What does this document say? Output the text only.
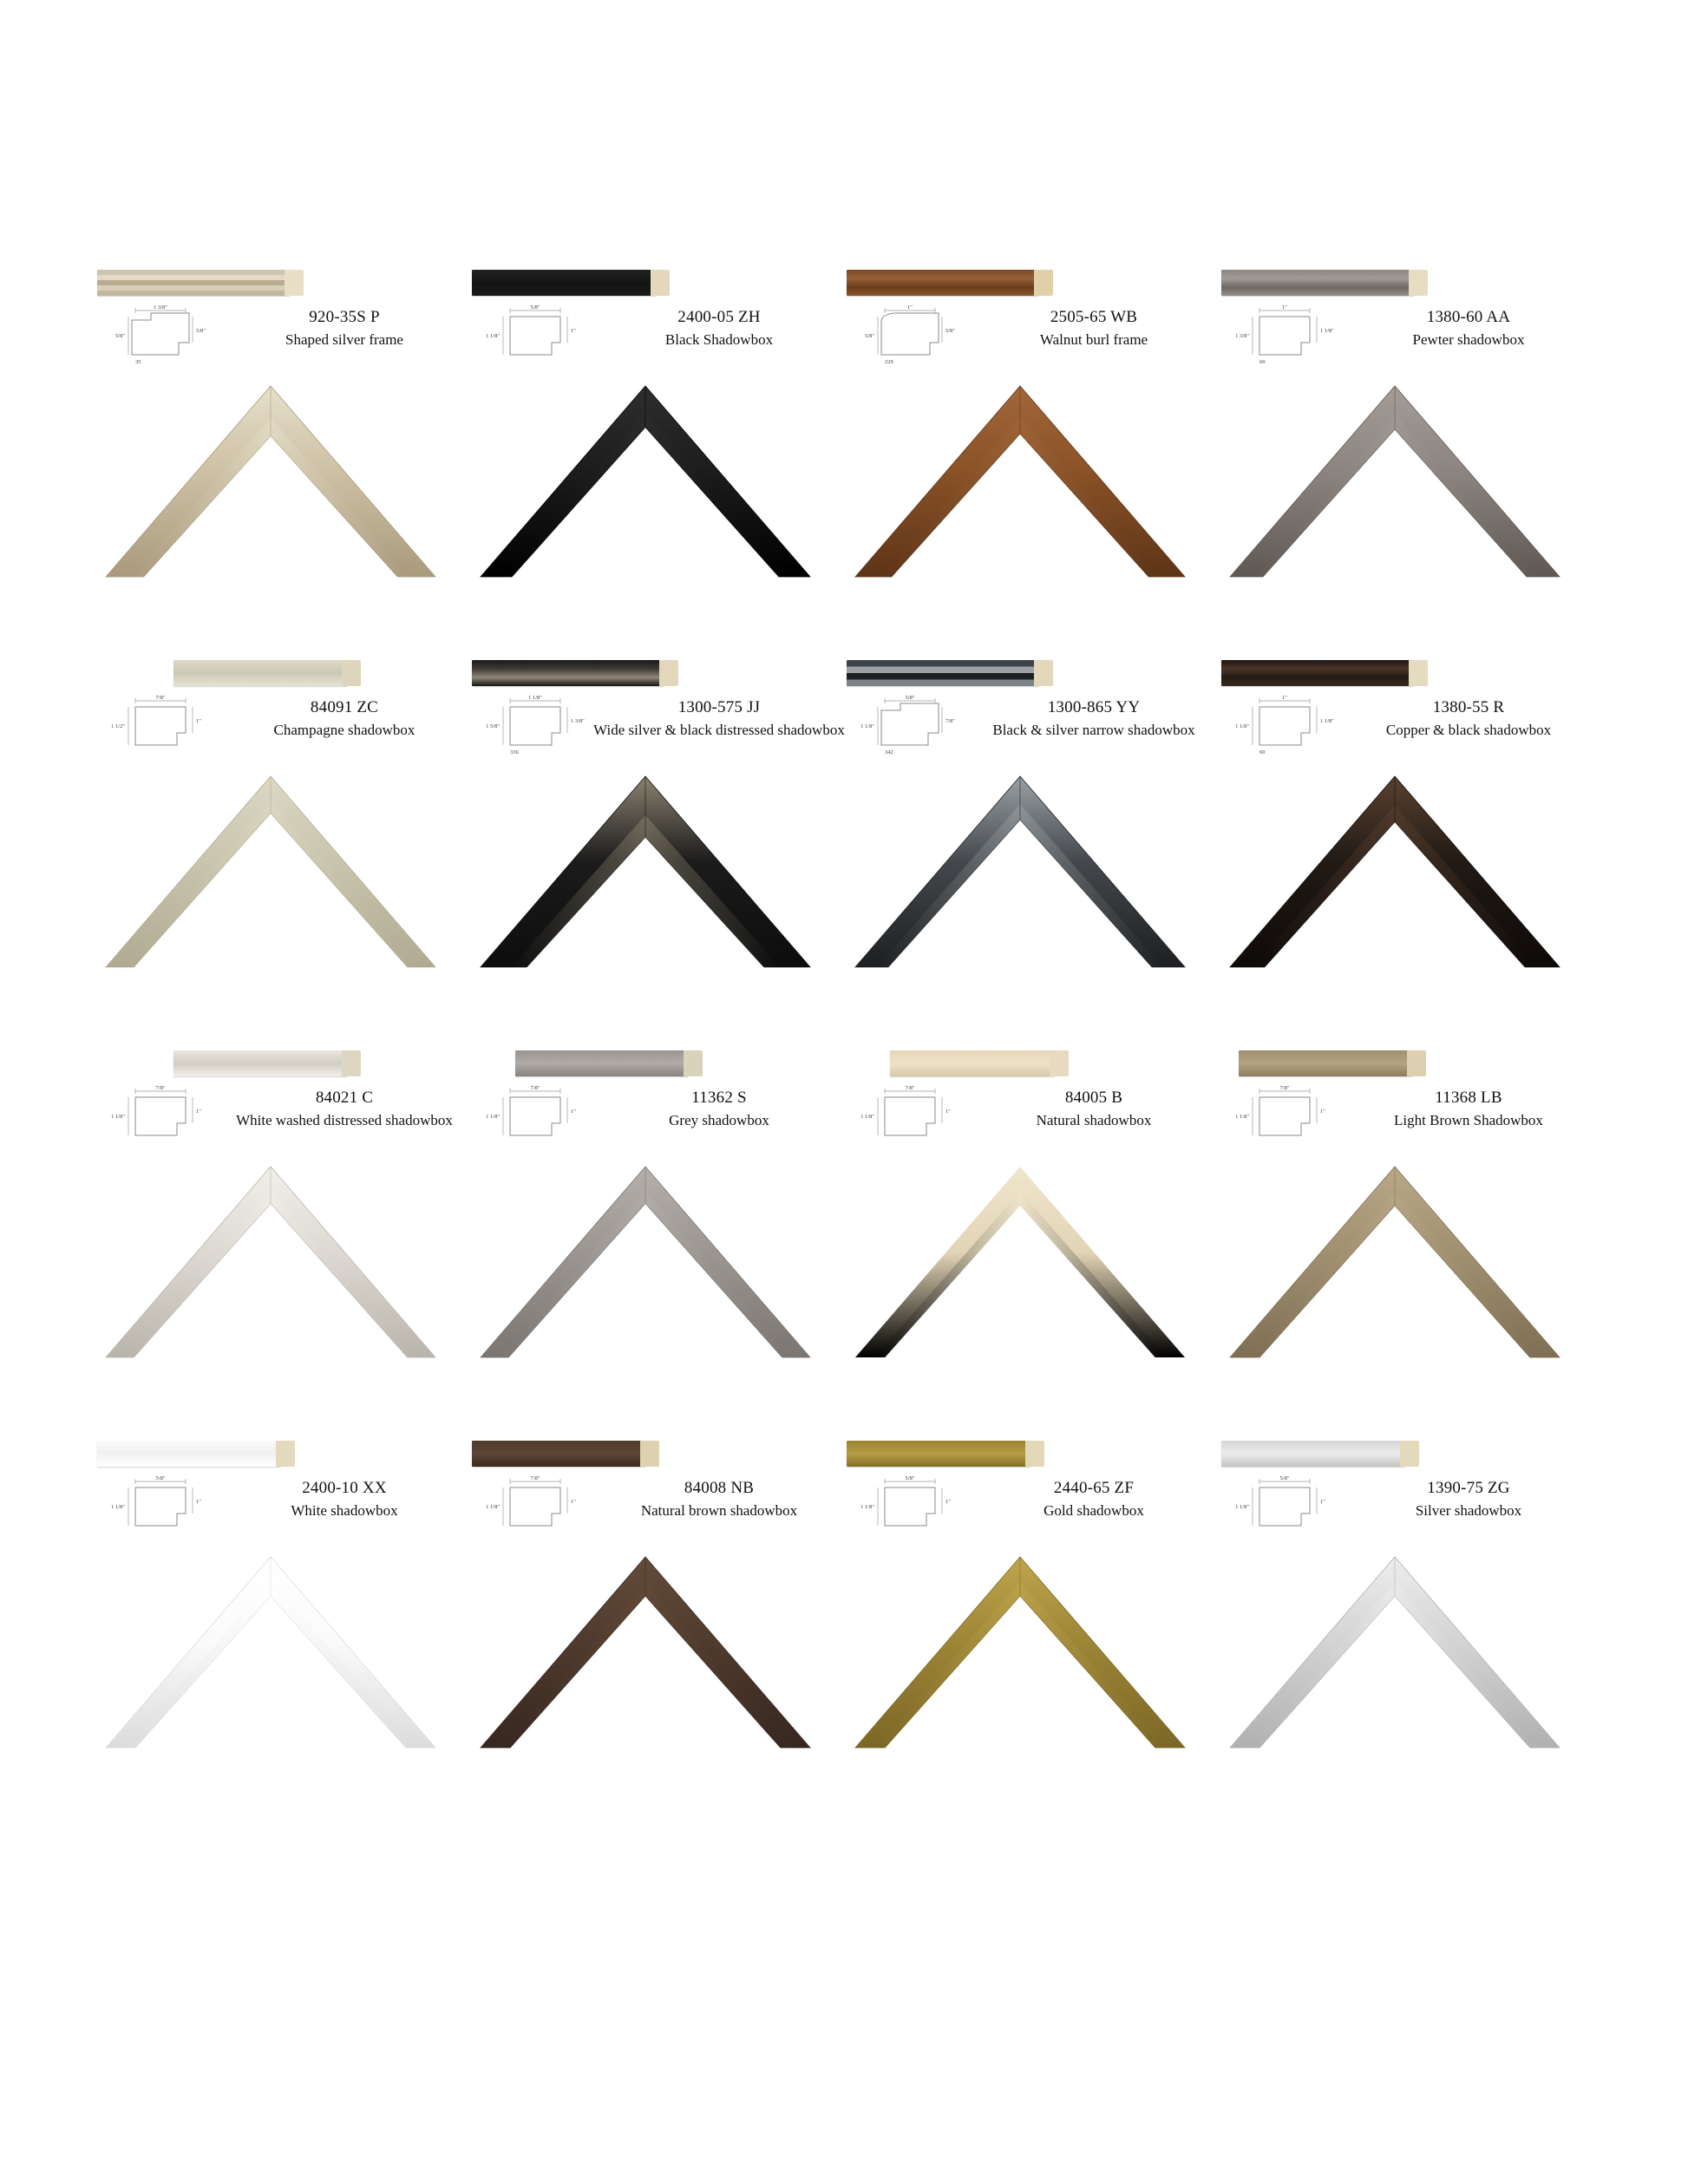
1 3/8"
5/8"
5/8"
35
920-35S P
Shaped silver frame
5/8"
1 1/8"
1"
2400-05 ZH
Black Shadowbox
1"
5/8"
5/8"
229
2505-65 WB
Walnut burl frame
1"
1 3/8"
1 1/8"
60
1380-60 AA
Pewter shadowbox
7/8"
1 1/2"
1"
84091 ZC
Champagne shadowbox
1 1/8"
1 5/8"
1 3/8"
336
1300-575 JJ
Wide silver & black distressed shadowbox
5/8"
1 1/8"
7/8"
342
1300-865 YY
Black & silver narrow shadowbox
1"
1 1/8"
1 1/8"
60
1380-55 R
Copper & black shadowbox
7/8"
1 1/8"
1"
84021 C
White washed distressed shadowbox
7/8"
1 1/8"
1"
11362 S
Grey shadowbox
7/8"
1 1/8"
1"
84005 B
Natural shadowbox
7/8"
1 1/8"
1"
11368 LB
Light Brown Shadowbox
5/8"
1 1/8"
1"
2400-10 XX
White shadowbox
7/8"
1 1/8"
1"
84008 NB
Natural brown shadowbox
5/8"
1 1/8"
1"
2440-65 ZF
Gold shadowbox
5/8"
1 1/8"
1"
1390-75 ZG
Silver shadowbox
